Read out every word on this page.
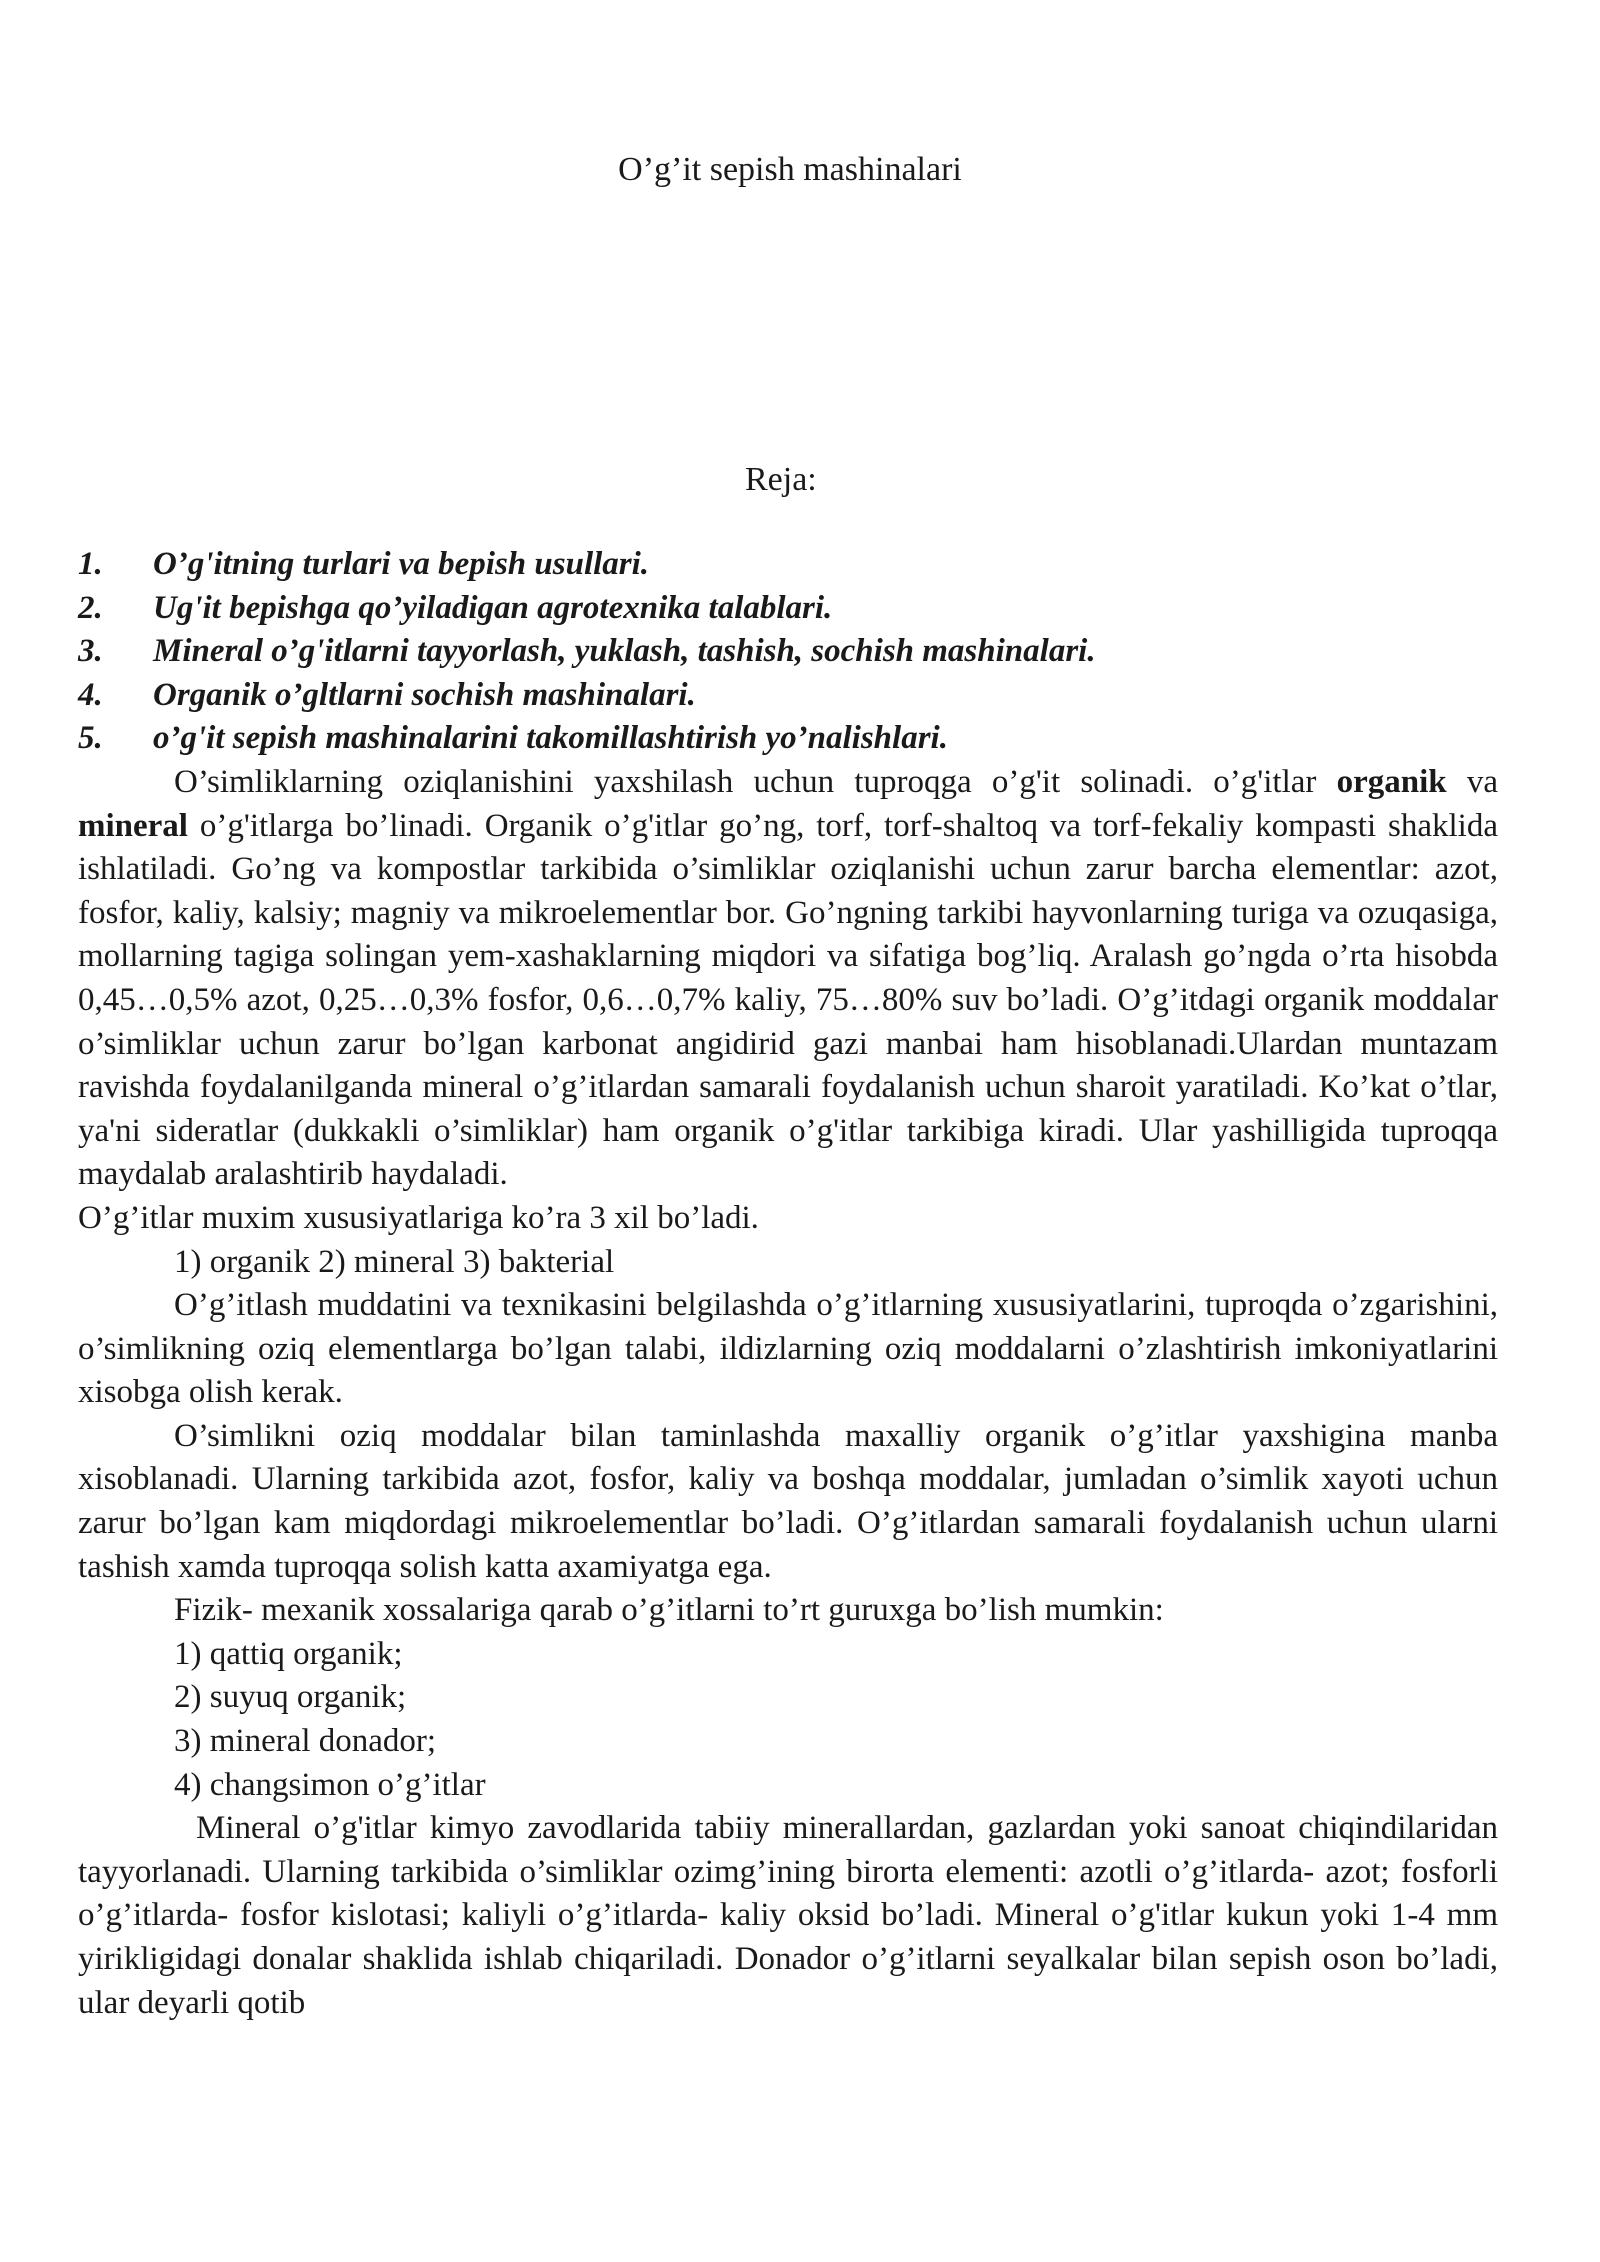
O’g’it sepish mashinalari
Reja:
1.	O’g'itning turlari va bepish usullari.
2.	Ug'it bepishga qo’yiladigan agrotexnika talablari.
3.	Mineral o’g'itlarni tayyorlash, yuklash, tashish, sochish mashinalari.
4.	Organik o’gltlarni sochish mashinalari.
5.	o’g'it sepish mashinalarini takomillashtirish yo’nalishlari.

O’simliklarning oziqlanishini yaxshilash uchun tuproqga o’g'it solinadi. o’g'itlar organik va mineral o’g'itlarga bo’linadi. Organik o’g'itlar go’ng, torf, torf-shaltoq va torf-fekaliy kompasti shaklida ishlatiladi. Go’ng va kompostlar tarkibida o’simliklar oziqlanishi uchun zarur barcha elementlar: azot, fosfor, kaliy, kalsiy; magniy va mikroelementlar bor. Go’ngning tarkibi hayvonlarning turiga va ozuqasiga, mollarning tagiga solingan yem-xashaklarning miqdori va sifatiga bog’liq. Aralash go’ngda o’rta hisobda 0,45…0,5% azot, 0,25…0,3% fosfor, 0,6…0,7% kaliy, 75…80% suv bo’ladi. O’g’itdagi organik moddalar o’simliklar uchun zarur bo’lgan karbonat angidirid gazi manbai ham hisoblanadi.Ulardan muntazam ravishda foydalanilganda mineral o’g’itlardan samarali foydalanish uchun sharoit yaratiladi. Ko’kat o’tlar, ya'ni sideratlar (dukkakli o’simliklar) ham organik o’g'itlar tarkibiga kiradi. Ular yashilligida tuproqqa maydalab aralashtirib haydaladi.

O’g’itlar muxim xususiyatlariga ko’ra 3 xil bo’ladi.

1) organik 2) mineral 3) bakterial

O’g’itlash muddatini va texnikasini belgilashda o’g’itlarning xususiyatlarini, tuproqda o’zgarishini, o’simlikning oziq elementlarga bo’lgan talabi, ildizlarning oziq moddalarni o’zlashtirish imkoniyatlarini xisobga olish kerak.

O’simlikni oziq moddalar bilan taminlashda maxalliy organik o’g’itlar yaxshigina manba xisoblanadi. Ularning tarkibida azot, fosfor, kaliy va boshqa moddalar, jumladan o’simlik xayoti uchun zarur bo’lgan kam miqdordagi mikroelementlar bo’ladi. O’g’itlardan samarali foydalanish uchun ularni tashish xamda tuproqqa solish katta axamiyatga ega.

Fizik- mexanik xossalariga qarab o’g’itlarni to’rt guruxga bo’lish mumkin:

1) qattiq organik;

2) suyuq organik;

3) mineral donador;

4) changsimon o’g’itlar

Mineral o’g'itlar kimyo zavodlarida tabiiy minerallardan, gazlardan yoki sanoat chiqindilaridan tayyorlanadi. Ularning tarkibida o’simliklar ozimg’ining birorta elementi: azotli o’g’itlarda- azot; fosforli o’g’itlarda- fosfor kislotasi; kaliyli o’g’itlarda- kaliy oksid bo’ladi. Mineral o’g'itlar kukun yoki 1-4 mm yirikligidagi donalar shaklida ishlab chiqariladi. Donador o’g’itlarni seyalkalar bilan sepish oson bo’ladi, ular deyarli qotib
